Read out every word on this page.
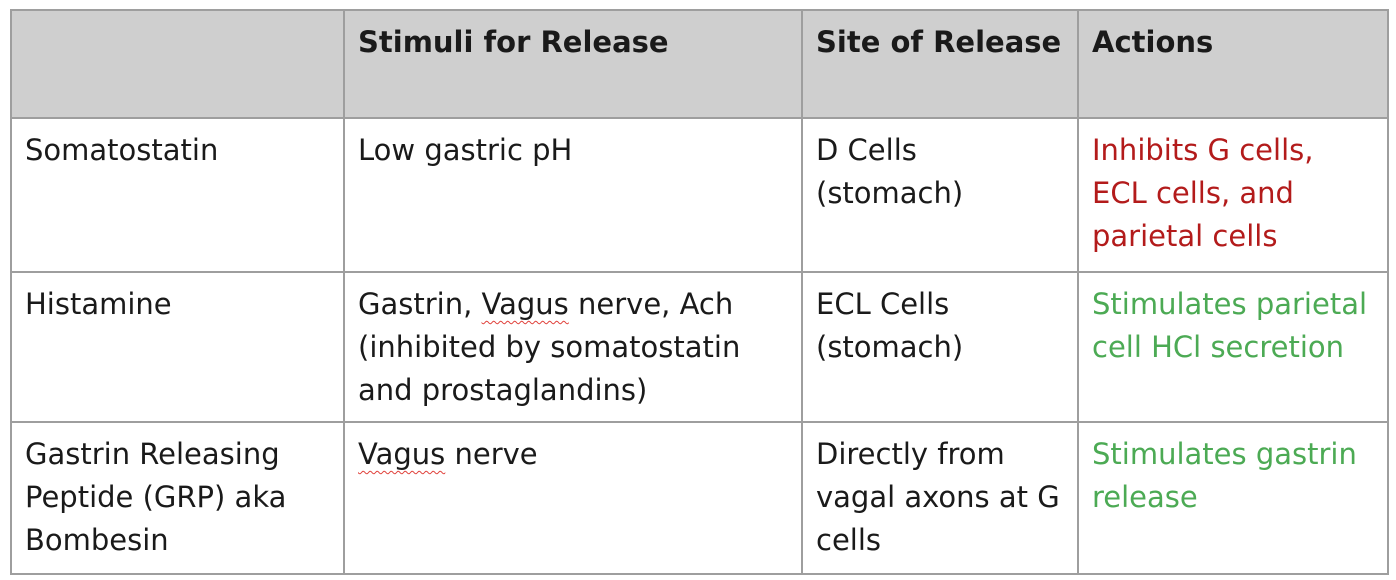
	Stimuli for Release	Site of Release	Actions
Somatostatin	Low gastric pH	D Cells (stomach)	Inhibits G cells, ECL cells, and parietal cells
Histamine	Gastrin, Vagus nerve, Ach (inhibited by somatostatin and prostaglandins)	ECL Cells (stomach)	Stimulates parietal cell HCl secretion
Gastrin Releasing Peptide (GRP) aka Bombesin	Vagus nerve	Directly from vagal axons at G cells	Stimulates gastrin release
